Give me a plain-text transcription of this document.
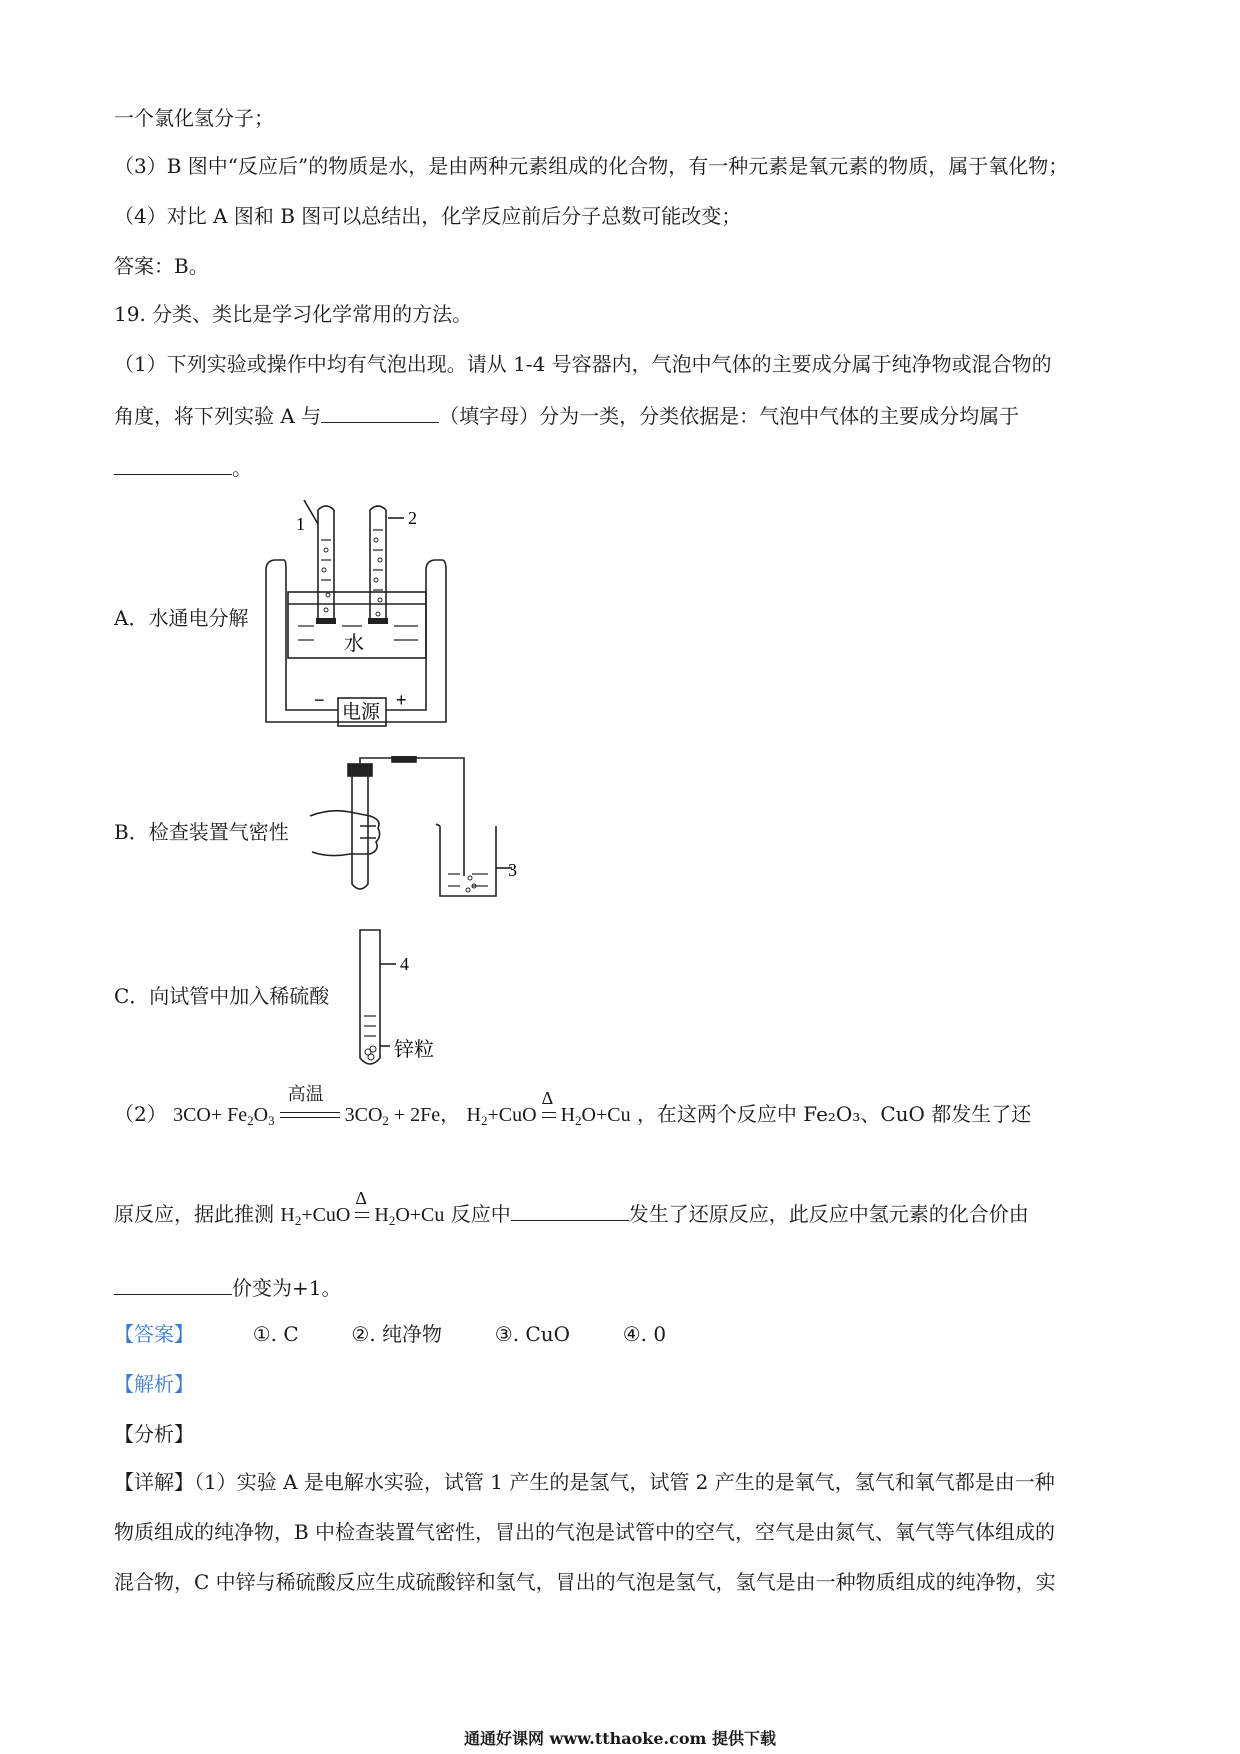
一个氯化氢分子；
（3）B 图中“反应后”的物质是水，是由两种元素组成的化合物，有一种元素是氧元素的物质，属于氧化物；
（4）对比 A 图和 B 图可以总结出，化学反应前后分子总数可能改变；
答案：B。
19. 分类、类比是学习化学常用的方法。
（1）下列实验或操作中均有气泡出现。请从 1-4 号容器内，气泡中气体的主要成分属于纯净物或混合物的
角度，将下列实验 A 与	（填字母）分为一类，分类依据是：气泡中气体的主要成分均属于
。
A．水通电分解
1	2
水
电源
−	+
B．检查装置气密性
3
C．向试管中加入稀硫酸
4
锌粒
（2） $3CO+ Fe_2O_3$
高温
$3CO_2 + 2Fe$， $H_2+CuO$
Δ
$H_2O+Cu$ ，在这两个反应中 Fe₂O₃、CuO 都发生了还
原反应，据此推测 $H_2+CuO$
Δ
$H_2O+Cu$ 反应中	发生了还原反应，此反应中氢元素的化合价由
价变为+1。
【答案】	①. C	②. 纯净物	③. CuO	④. 0
【解析】
【分析】
【详解】（1）实验 A 是电解水实验，试管 1 产生的是氢气，试管 2 产生的是氧气，氢气和氧气都是由一种
物质组成的纯净物，B 中检查装置气密性，冒出的气泡是试管中的空气，空气是由氮气、氧气等气体组成的
混合物，C 中锌与稀硫酸反应生成硫酸锌和氢气，冒出的气泡是氢气，氢气是由一种物质组成的纯净物，实
通通好课网 www.tthaoke.com 提供下载
